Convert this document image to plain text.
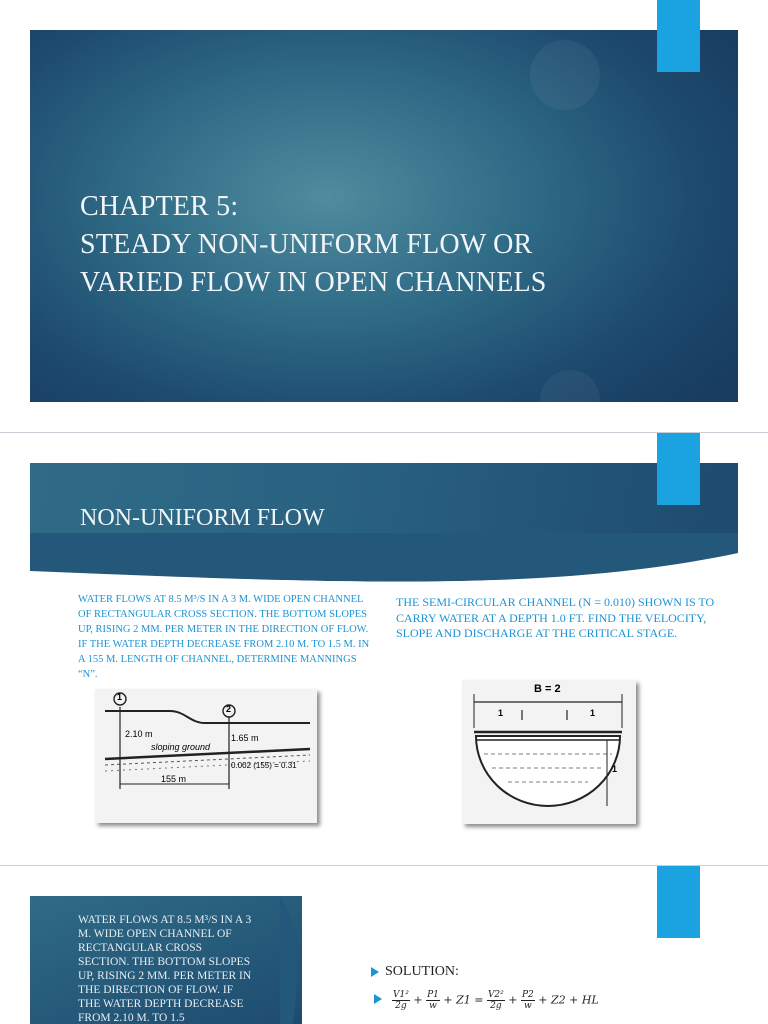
CHAPTER 5:
STEADY NON-UNIFORM FLOW OR
VARIED FLOW IN OPEN CHANNELS
NON-UNIFORM FLOW
WATER FLOWS AT 8.5 M³/S IN A 3 M. WIDE OPEN CHANNEL OF RECTANGULAR CROSS SECTION. THE BOTTOM SLOPES UP, RISING 2 MM. PER METER IN THE DIRECTION OF FLOW. IF THE WATER DEPTH DECREASE FROM 2.10 M. TO 1.5 M. IN A 155 M. LENGTH OF CHANNEL, DETERMINE MANNINGS “N”.
THE SEMI-CIRCULAR CHANNEL (N = 0.010) SHOWN IS TO CARRY WATER AT A DEPTH 1.0 FT. FIND THE VELOCITY, SLOPE AND DISCHARGE AT THE CRITICAL STAGE.
1
2
2.10 m	1.65 m
sloping ground
0.002 (155) = 0.31
155 m
B = 2
1	1
1
WATER FLOWS AT 8.5 M³/S IN A 3 M. WIDE OPEN CHANNEL OF RECTANGULAR CROSS SECTION. THE BOTTOM SLOPES UP, RISING 2 MM. PER METER IN THE DIRECTION OF FLOW. IF THE WATER DEPTH DECREASE FROM 2.10 M. TO 1.5
SOLUTION:
$\frac{\text{V1²}}{2g} + \frac{P1}{w} + Z1 = \frac{\text{V2²}}{2g} + \frac{P2}{w} + Z2$ + HL
